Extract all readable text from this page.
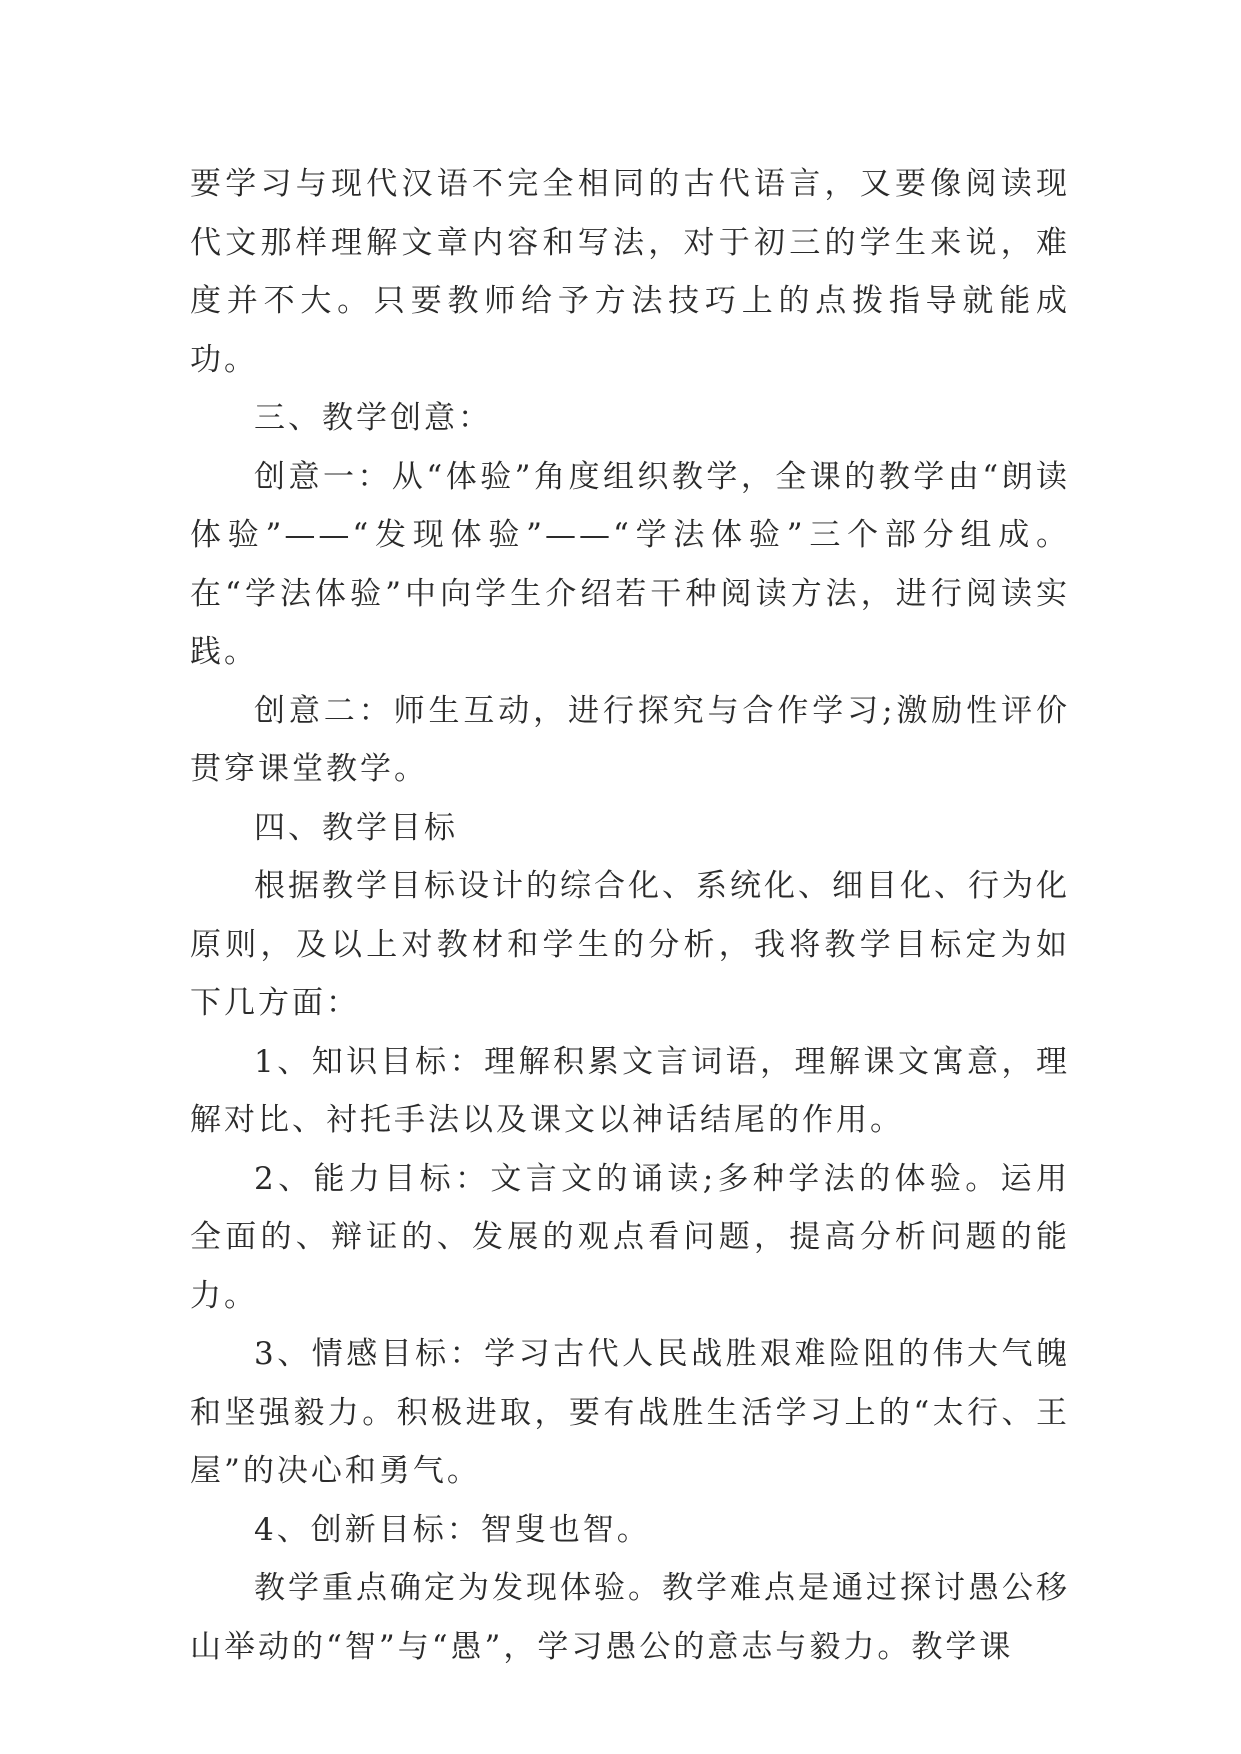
要学习与现代汉语不完全相同的古代语言，又要像阅读现代文那样理解文章内容和写法，对于初三的学生来说，难度并不大。只要教师给予方法技巧上的点拨指导就能成功。

三、教学创意：

创意一：从“体验”角度组织教学，全课的教学由“朗读体验”——“发现体验”——“学法体验”三个部分组成。在“学法体验”中向学生介绍若干种阅读方法，进行阅读实践。

创意二：师生互动，进行探究与合作学习;激励性评价贯穿课堂教学。

四、教学目标

根据教学目标设计的综合化、系统化、细目化、行为化原则，及以上对教材和学生的分析，我将教学目标定为如下几方面：

1、知识目标：理解积累文言词语，理解课文寓意，理解对比、衬托手法以及课文以神话结尾的作用。

2、能力目标：文言文的诵读;多种学法的体验。运用全面的、辩证的、发展的观点看问题，提高分析问题的能力。

3、情感目标：学习古代人民战胜艰难险阻的伟大气魄和坚强毅力。积极进取，要有战胜生活学习上的“太行、王屋”的决心和勇气。

4、创新目标：智叟也智。

教学重点确定为发现体验。教学难点是通过探讨愚公移山举动的“智”与“愚”，学习愚公的意志与毅力。教学课
